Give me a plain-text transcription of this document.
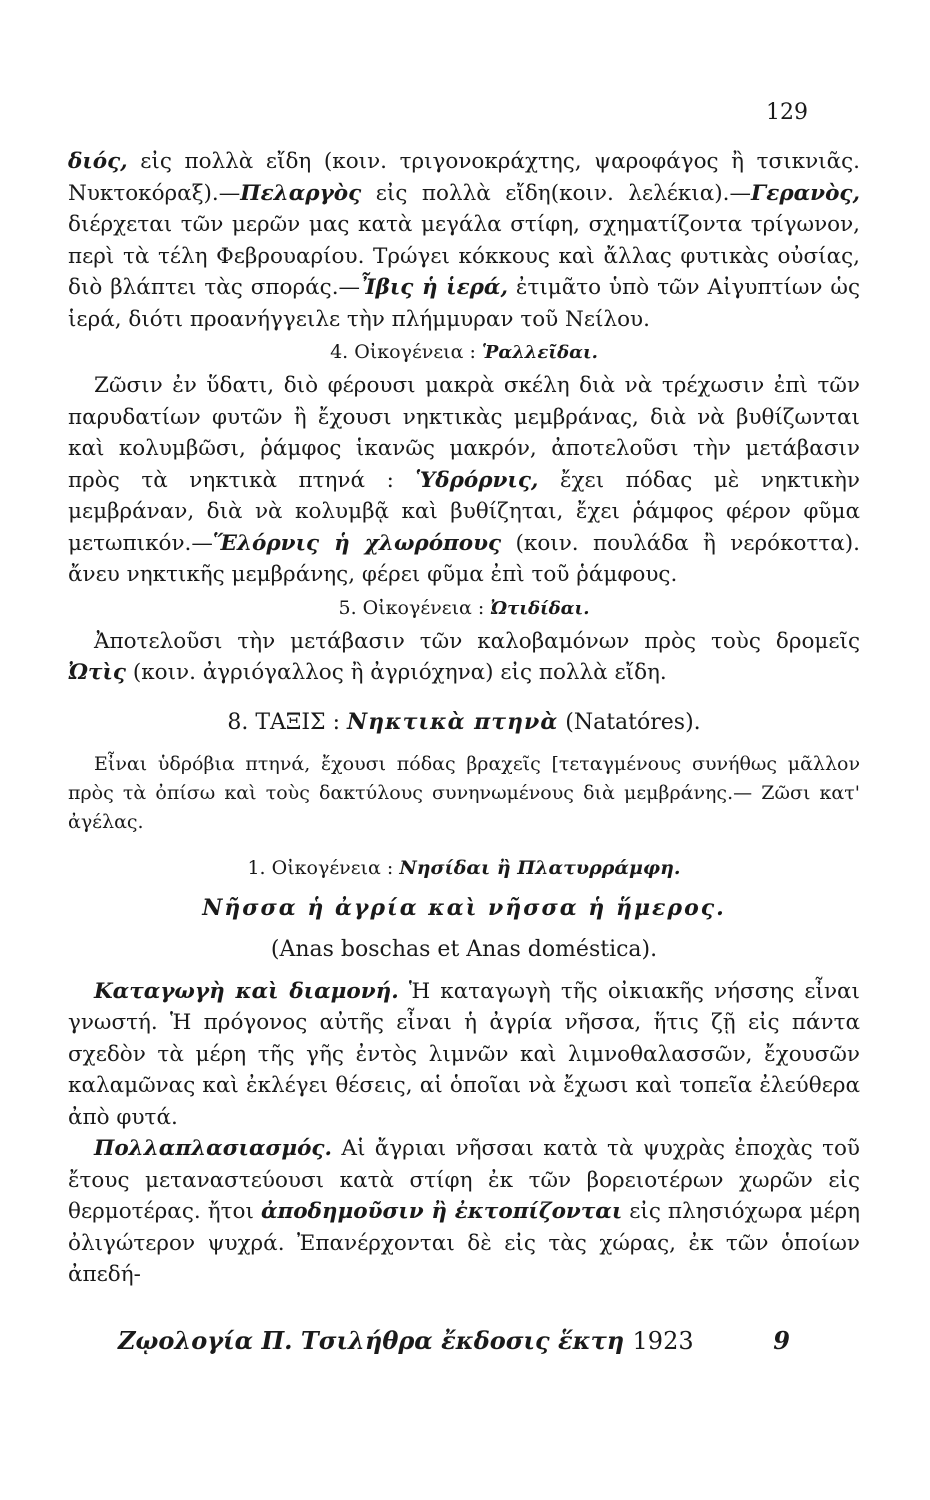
129

διός, εἰς πολλὰ εἴδη (κοιν. τριγονοκράχτης, ψαροφάγος ἢ τσικνιᾶς. Νυκτοκόραξ).—Πελαργὸς εἰς πολλὰ εἴδη(κοιν. λελέκια).—Γερανὸς, διέρχεται τῶν μερῶν μας κατὰ μεγάλα στίφη, σχηματίζοντα τρίγωνον, περὶ τὰ τέλη Φεβρουαρίου. Τρώγει κόκκους καὶ ἄλλας φυτικὰς οὐσίας, διὸ βλάπτει τὰς σποράς.—Ἶβις ἡ ἱερά, ἐτιμᾶτο ὑπὸ τῶν Αἰγυπτίων ὡς ἱερά, διότι προανήγγειλε τὴν πλήμμυραν τοῦ Νείλου.

4. Οἰκογένεια : Ῥαλλεῖδαι.

Ζῶσιν ἐν ὕδατι, διὸ φέρουσι μακρὰ σκέλη διὰ νὰ τρέχωσιν ἐπὶ τῶν παρυδατίων φυτῶν ἢ ἔχουσι νηκτικὰς μεμβράνας, διὰ νὰ βυθίζωνται καὶ κολυμβῶσι, ῥάμφος ἱκανῶς μακρόν, ἀποτελοῦσι τὴν μετάβασιν πρὸς τὰ νηκτικὰ πτηνά : Ὑδρόρνις, ἔχει πόδας μὲ νηκτικὴν μεμβράναν, διὰ νὰ κολυμβᾷ καὶ βυθίζηται, ἔχει ῥάμφος φέρον φῦμα μετωπικόν.—Ἕλόρνις ἡ χλωρόπους (κοιν. πουλάδα ἢ νερόκοττα). ἄνευ νηκτικῆς μεμβράνης, φέρει φῦμα ἐπὶ τοῦ ῥάμφους.

5. Οἰκογένεια : Ὠτιδίδαι.

Ἀποτελοῦσι τὴν μετάβασιν τῶν καλοβαμόνων πρὸς τοὺς δρομεῖς Ὠτὶς (κοιν. ἀγριόγαλλος ἢ ἀγριόχηνα) εἰς πολλὰ εἴδη.

8. ΤΑΞΙΣ : Νηκτικὰ πτηνὰ (Natatóres).

Εἶναι ὑδρόβια πτηνά, ἔχουσι πόδας βραχεῖς [τεταγμένους συνήθως μᾶλλον πρὸς τὰ ὀπίσω καὶ τοὺς δακτύλους συνηνωμένους διὰ μεμβράνης.— Ζῶσι κατ' ἀγέλας.

1. Οἰκογένεια : Νησίδαι ἢ Πλατυρράμφη.
Νῆσσα ἡ ἀγρία καὶ νῆσσα ἡ ἥμερος.
(Anas boschas et Anas doméstica).

Καταγωγὴ καὶ διαμονή. Ἡ καταγωγὴ τῆς οἰκιακῆς νήσσης εἶναι γνωστή. Ἡ πρόγονος αὐτῆς εἶναι ἡ ἀγρία νῆσσα, ἥτις ζῇ εἰς πάντα σχεδὸν τὰ μέρη τῆς γῆς ἐντὸς λιμνῶν καὶ λιμνοθαλασσῶν, ἔχουσῶν καλαμῶνας καὶ ἐκλέγει θέσεις, αἱ ὁποῖαι νὰ ἔχωσι καὶ τοπεῖα ἐλεύθερα ἀπὸ φυτά.

Πολλαπλασιασμός. Αἱ ἄγριαι νῆσσαι κατὰ τὰ ψυχρὰς ἐποχὰς τοῦ ἔτους μεταναστεύουσι κατὰ στίφη ἐκ τῶν βορειοτέρων χωρῶν εἰς θερμοτέρας. ἤτοι ἀποδημοῦσιν ἢ ἐκτοπίζονται εἰς πλησιόχωρα μέρη ὀλιγώτερον ψυχρά. Ἐπανέρχονται δὲ εἰς τὰς χώρας, ἐκ τῶν ὁποίων ἀπεδή-

Ζῳολογία Π. Τσιλήθρα ἔκδοσις ἕκτη 1923	9
